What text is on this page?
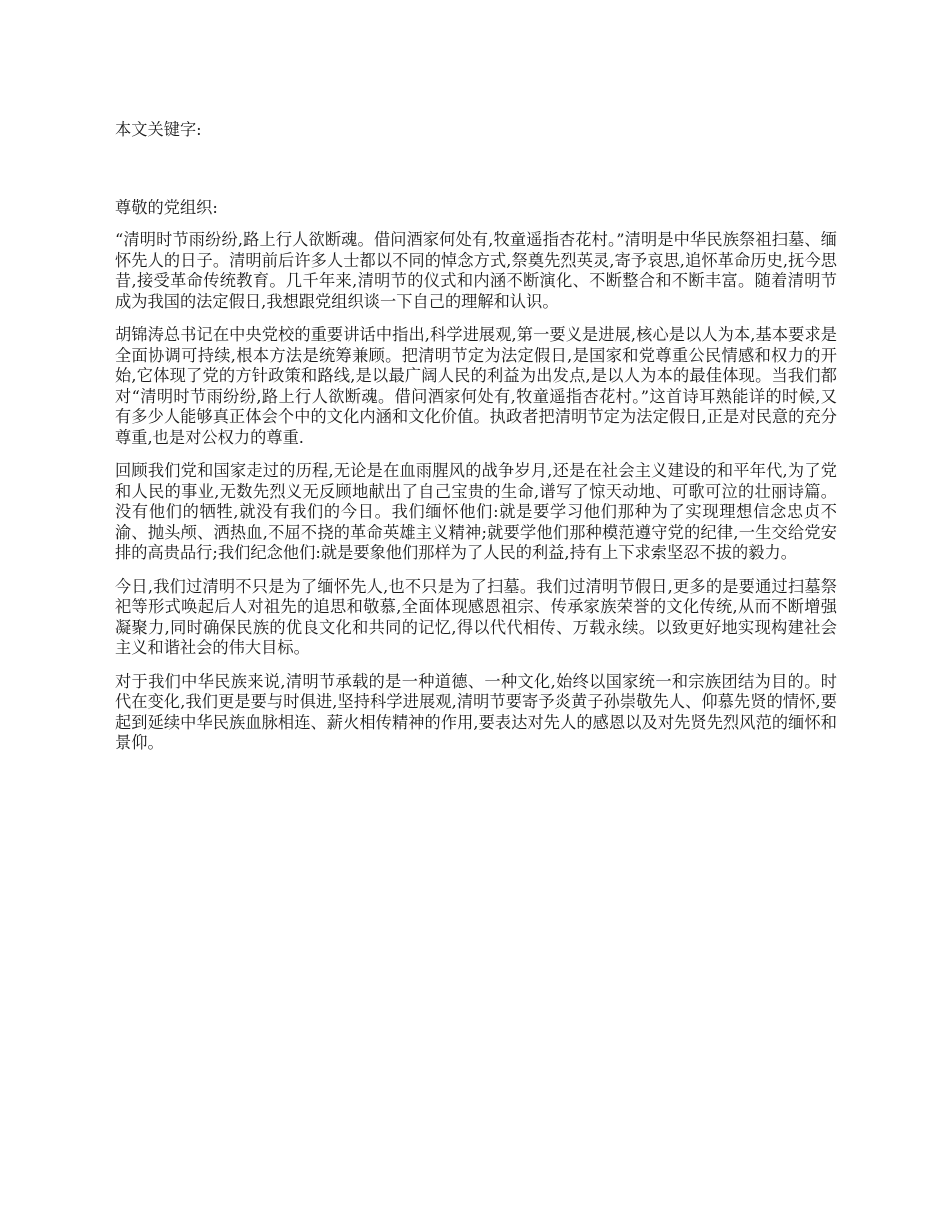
本文关键字:

尊敬的党组织:

“清明时节雨纷纷,路上行人欲断魂。借问酒家何处有,牧童遥指杏花村。”清明是中华民族祭祖扫墓、缅怀先人的日子。清明前后许多人士都以不同的悼念方式,祭奠先烈英灵,寄予哀思,追怀革命历史,抚今思昔,接受革命传统教育。几千年来,清明节的仪式和内涵不断演化、不断整合和不断丰富。随着清明节成为我国的法定假日,我想跟党组织谈一下自己的理解和认识。

胡锦涛总书记在中央党校的重要讲话中指出,科学进展观,第一要义是进展,核心是以人为本,基本要求是全面协调可持续,根本方法是统筹兼顾。把清明节定为法定假日,是国家和党尊重公民情感和权力的开始,它体现了党的方针政策和路线,是以最广阔人民的利益为出发点,是以人为本的最佳体现。当我们都对“清明时节雨纷纷,路上行人欲断魂。借问酒家何处有,牧童遥指杏花村。”这首诗耳熟能详的时候,又有多少人能够真正体会个中的文化内涵和文化价值。执政者把清明节定为法定假日,正是对民意的充分尊重,也是对公权力的尊重.

回顾我们党和国家走过的历程,无论是在血雨腥风的战争岁月,还是在社会主义建设的和平年代,为了党和人民的事业,无数先烈义无反顾地献出了自己宝贵的生命,谱写了惊天动地、可歌可泣的壮丽诗篇。没有他们的牺牲,就没有我们的今日。我们缅怀他们:就是要学习他们那种为了实现理想信念忠贞不渝、抛头颅、洒热血,不屈不挠的革命英雄主义精神;就要学他们那种模范遵守党的纪律,一生交给党安排的高贵品行;我们纪念他们:就是要象他们那样为了人民的利益,持有上下求索坚忍不拔的毅力。

今日,我们过清明不只是为了缅怀先人,也不只是为了扫墓。我们过清明节假日,更多的是要通过扫墓祭祀等形式唤起后人对祖先的追思和敬慕,全面体现感恩祖宗、传承家族荣誉的文化传统,从而不断增强凝聚力,同时确保民族的优良文化和共同的记忆,得以代代相传、万载永续。以致更好地实现构建社会主义和谐社会的伟大目标。

对于我们中华民族来说,清明节承载的是一种道德、一种文化,始终以国家统一和宗族团结为目的。时代在变化,我们更是要与时俱进,坚持科学进展观,清明节要寄予炎黄子孙崇敬先人、仰慕先贤的情怀,要起到延续中华民族血脉相连、薪火相传精神的作用,要表达对先人的感恩以及对先贤先烈风范的缅怀和景仰。
